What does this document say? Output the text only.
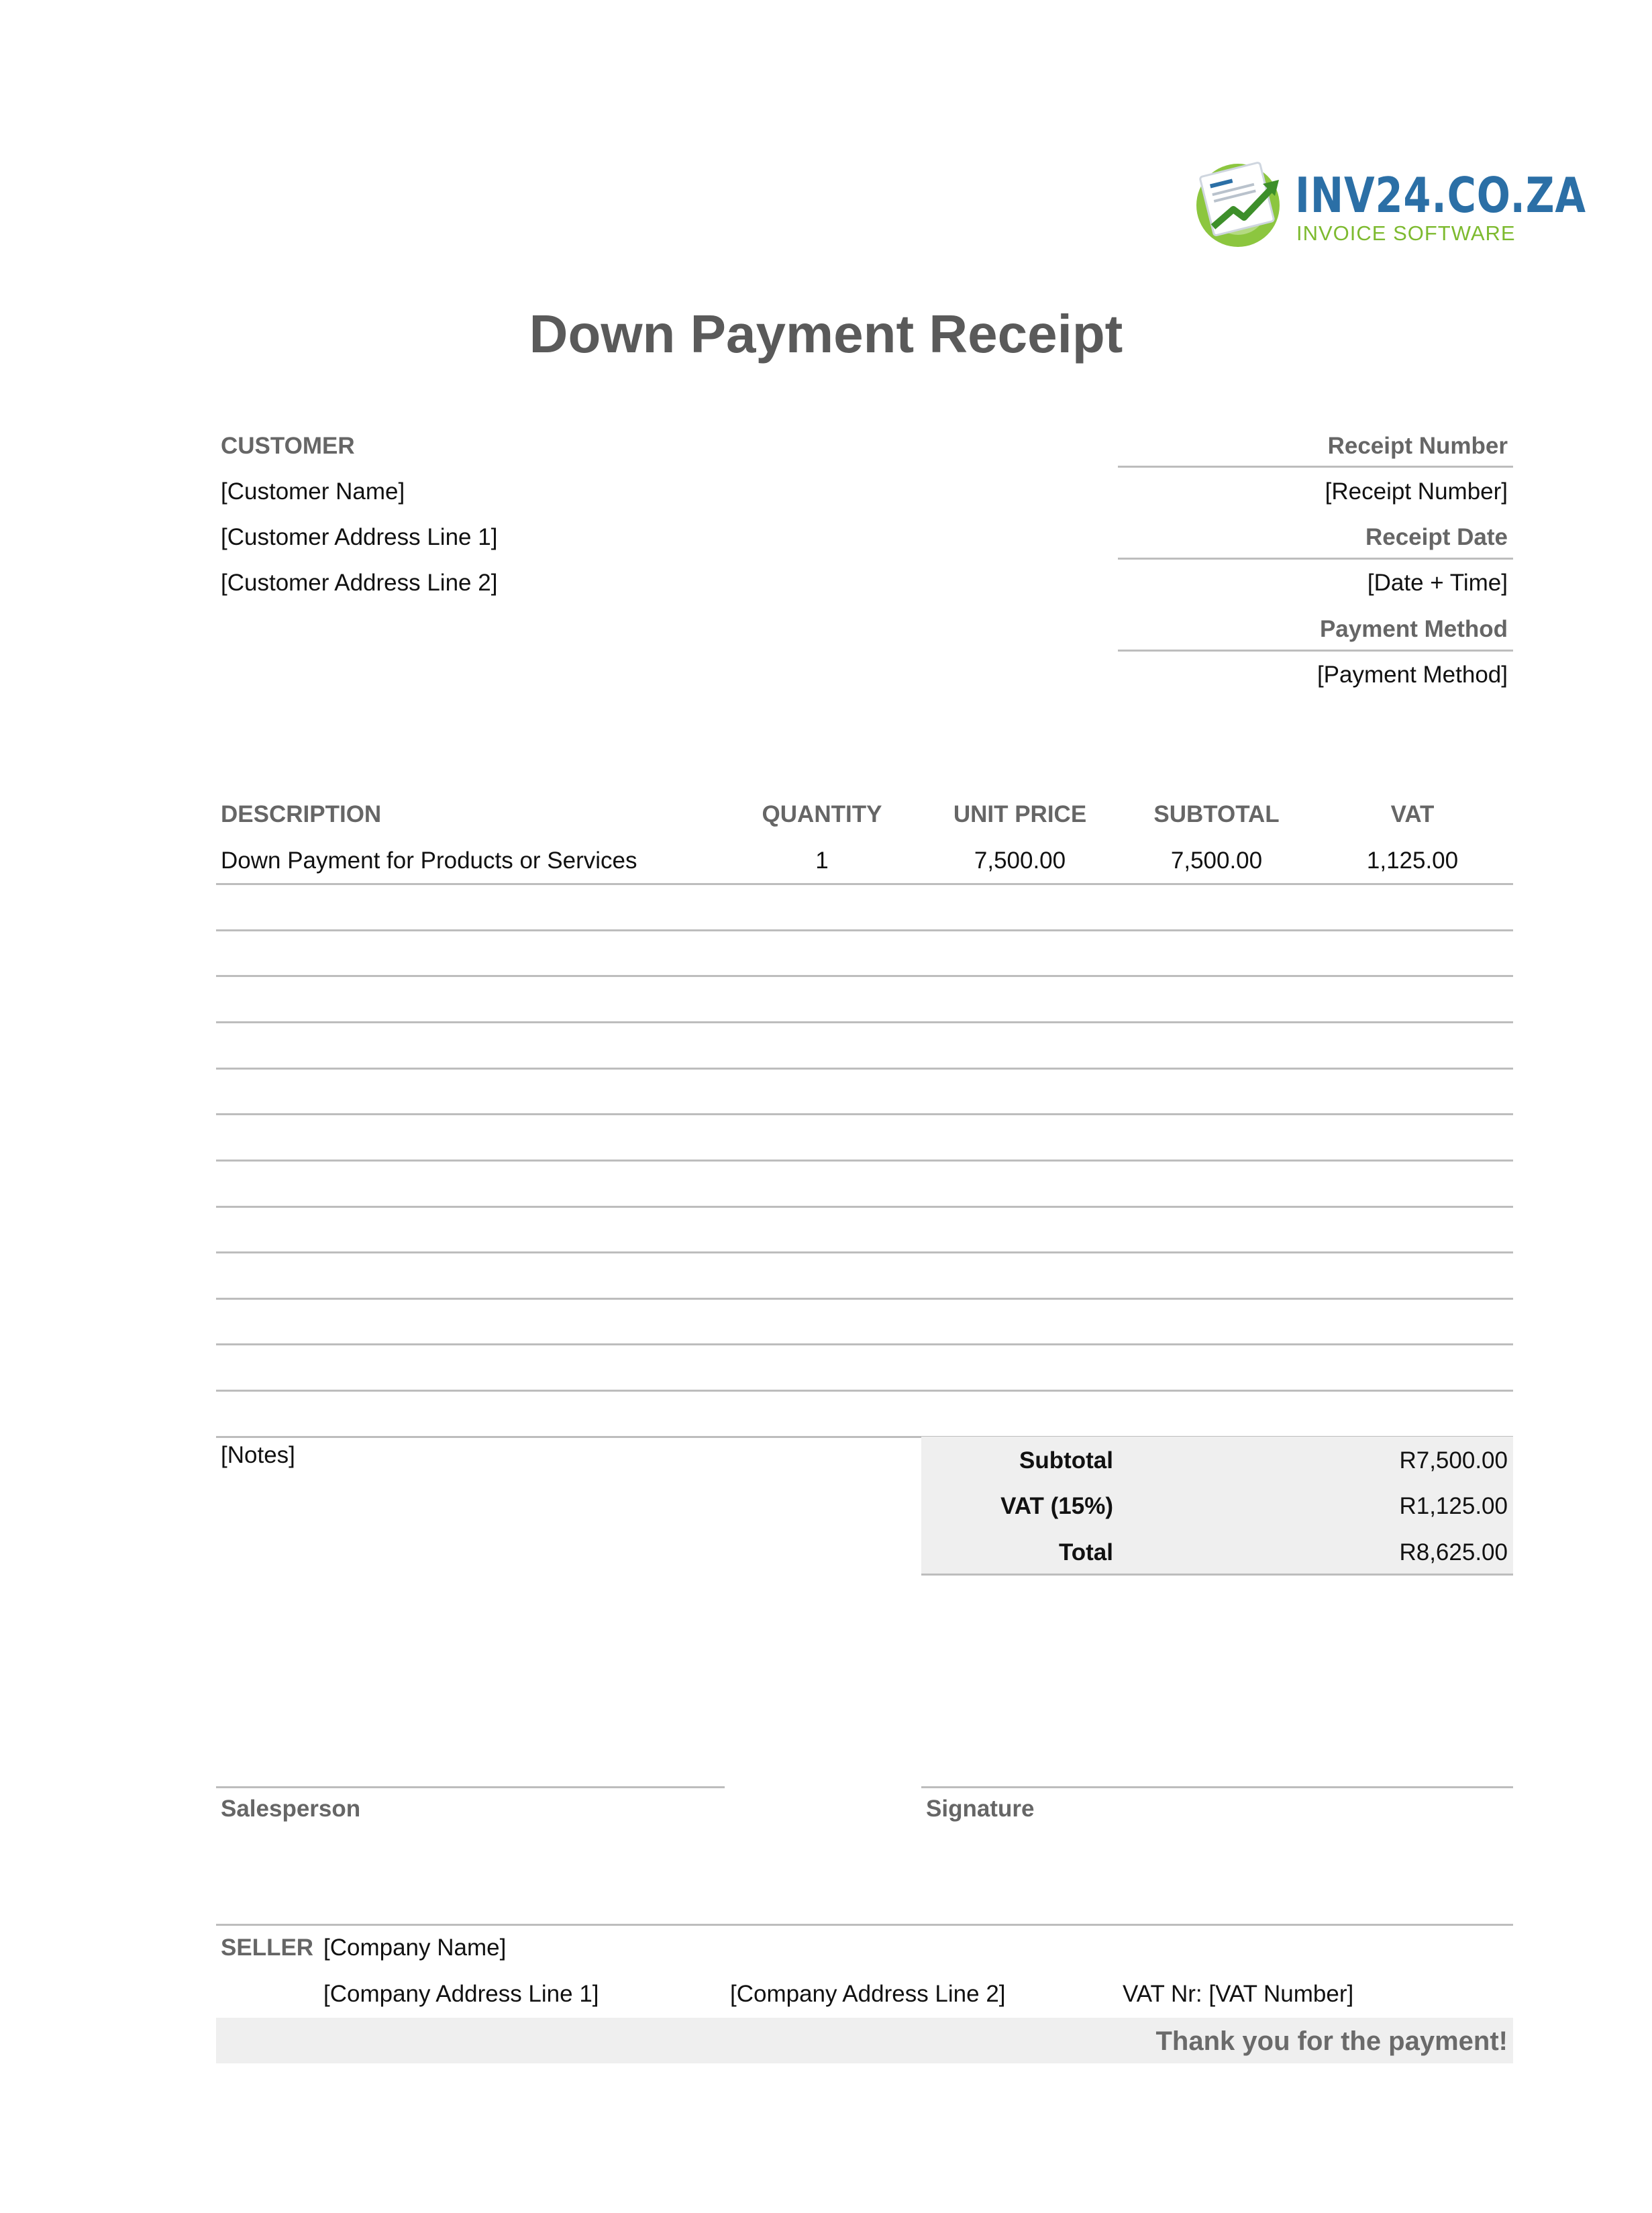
INV24.CO.ZA
INVOICE SOFTWARE
Down Payment Receipt
CUSTOMER
[Customer Name]
[Customer Address Line 1]
[Customer Address Line 2]
Receipt Number
[Receipt Number]
Receipt Date
[Date + Time]
Payment Method
[Payment Method]
DESCRIPTION	QUANTITY	UNIT PRICE	SUBTOTAL	VAT
Down Payment for Products or Services	1	7,500.00	7,500.00	1,125.00
[Notes]	Subtotal	R7,500.00
VAT (15%)	R1,125.00
Total	R8,625.00
Salesperson	Signature
SELLER [Company Name]
[Company Address Line 1]	[Company Address Line 2]	VAT Nr: [VAT Number]
Thank you for the payment!
